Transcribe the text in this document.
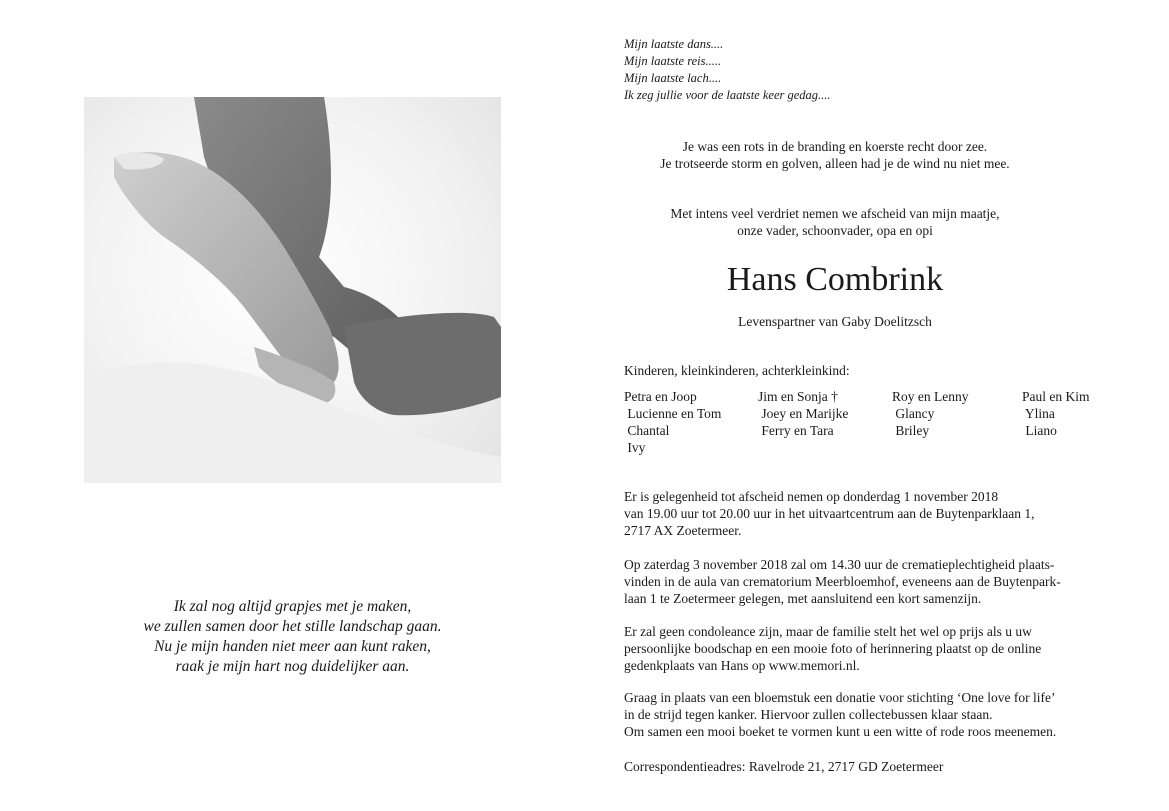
Ik zal nog altijd grapjes met je maken,
we zullen samen door het stille landschap gaan.
Nu je mijn handen niet meer aan kunt raken,
raak je mijn hart nog duidelijker aan.
Mijn laatste dans....
Mijn laatste reis.....
Mijn laatste lach....
Ik zeg jullie voor de laatste keer gedag....
Je was een rots in de branding en koerste recht door zee.
Je trotseerde storm en golven, alleen had je de wind nu niet mee.
Met intens veel verdriet nemen we afscheid van mijn maatje,
onze vader, schoonvader, opa en opi
Hans Combrink
Levenspartner van Gaby Doelitzsch
Kinderen, kleinkinderen, achterkleinkind:
Petra en Joop
Lucienne en Tom
Chantal
Ivy
Jim en Sonja †
Joey en Marijke
Ferry en Tara
Roy en Lenny
Glancy
Briley
Paul en Kim
Ylina
Liano
Er is gelegenheid tot afscheid nemen op donderdag 1 november 2018
van 19.00 uur tot 20.00 uur in het uitvaartcentrum aan de Buytenparklaan 1,
2717 AX Zoetermeer.
Op zaterdag 3 november 2018 zal om 14.30 uur de crematieplechtigheid plaats-
vinden in de aula van crematorium Meerbloemhof, eveneens aan de Buytenpark-
laan 1 te Zoetermeer gelegen, met aansluitend een kort samenzijn.
Er zal geen condoleance zijn, maar de familie stelt het wel op prijs als u uw
persoonlijke boodschap en een mooie foto of herinnering plaatst op de online
gedenkplaats van Hans op www.memori.nl.
Graag in plaats van een bloemstuk een donatie voor stichting ‘One love for life’
in de strijd tegen kanker. Hiervoor zullen collectebussen klaar staan.
Om samen een mooi boeket te vormen kunt u een witte of rode roos meenemen.
Correspondentieadres: Ravelrode 21, 2717 GD Zoetermeer
